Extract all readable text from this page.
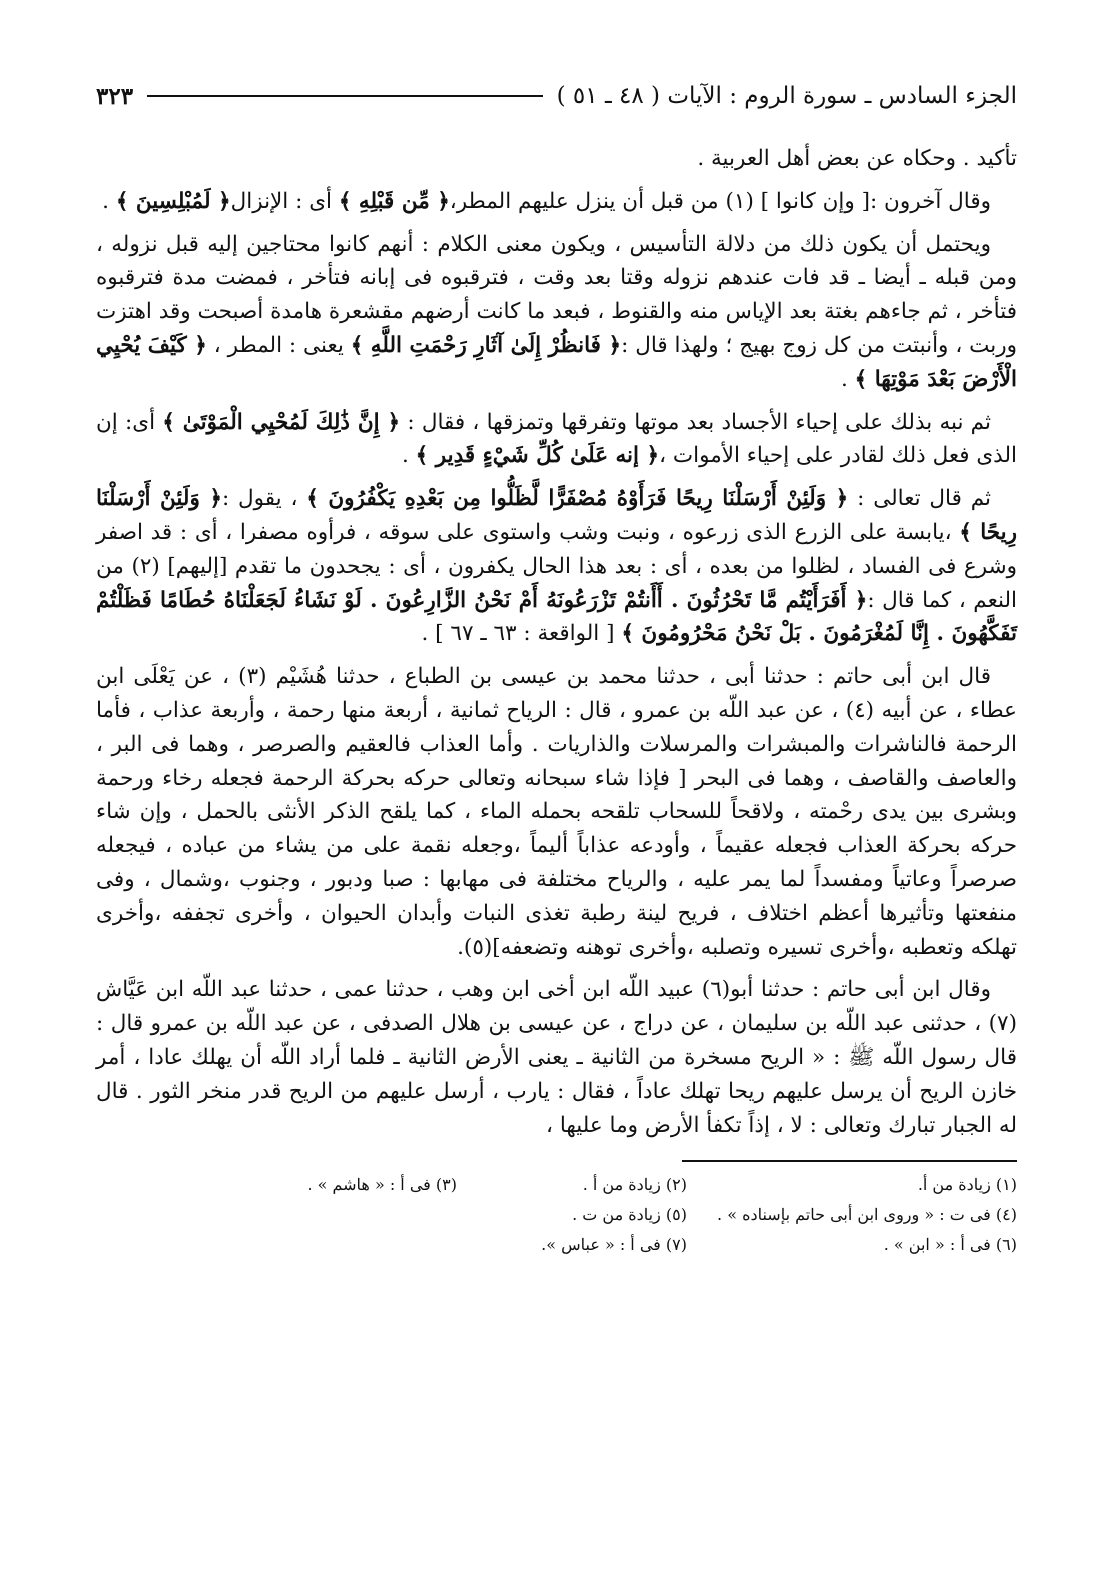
الجزء السادس ـ سورة الروم : الآيات ( ٤٨ ـ ٥١ )
٣٢٣

تأكيد . وحكاه عن بعض أهل العربية .

وقال آخرون :[ وإن كانوا ] (١) من قبل أن ينزل عليهم المطر،﴿ مِّن قَبْلِهِ ﴾ أى : الإنزال﴿ لَمُبْلِسِينَ ﴾ .

ويحتمل أن يكون ذلك من دلالة التأسيس ، ويكون معنى الكلام : أنهم كانوا محتاجين إليه قبل نزوله ، ومن قبله ـ أيضا ـ قد فات عندهم نزوله وقتا بعد وقت ، فترقبوه فى إبانه فتأخر ، فمضت مدة فترقبوه فتأخر ، ثم جاءهم بغتة بعد الإياس منه والقنوط ، فبعد ما كانت أرضهم مقشعرة هامدة أصبحت وقد اهتزت وربت ، وأنبتت من كل زوج بهيج ؛ ولهذا قال :﴿ فَانظُرْ إِلَىٰ آثَارِ رَحْمَتِ اللَّهِ ﴾ يعنى : المطر ، ﴿ كَيْفَ يُحْيِي الْأَرْضَ بَعْدَ مَوْتِهَا ﴾ .

ثم نبه بذلك على إحياء الأجساد بعد موتها وتفرقها وتمزقها ، فقال : ﴿ إِنَّ ذَٰلِكَ لَمُحْيِي الْمَوْتَىٰ ﴾ أى: إن الذى فعل ذلك لقادر على إحياء الأموات ،﴿ إنه عَلَىٰ كُلِّ شَيْءٍ قَدِير ﴾ .

ثم قال تعالى : ﴿ وَلَئِنْ أَرْسَلْنَا رِيحًا فَرَأَوْهُ مُصْفَرًّا لَّظَلُّوا مِن بَعْدِهِ يَكْفُرُونَ ﴾ ، يقول :﴿ وَلَئِنْ أَرْسَلْنَا رِيحًا ﴾ ،يابسة على الزرع الذى زرعوه ، ونبت وشب واستوى على سوقه ، فرأوه مصفرا ، أى : قد اصفر وشرع فى الفساد ، لظلوا من بعده ، أى : بعد هذا الحال يكفرون ، أى : يجحدون ما تقدم [إليهم] (٢) من النعم ، كما قال :﴿ أَفَرَأَيْتُم مَّا تَحْرُثُونَ . أَأَنتُمْ تَزْرَعُونَهُ أَمْ نَحْنُ الزَّارِعُونَ . لَوْ نَشَاءُ لَجَعَلْنَاهُ حُطَامًا فَظَلْتُمْ تَفَكَّهُونَ . إِنَّا لَمُغْرَمُونَ . بَلْ نَحْنُ مَحْرُومُونَ ﴾ [ الواقعة : ٦٣ ـ ٦٧ ] .

قال ابن أبى حاتم : حدثنا أبى ، حدثنا محمد بن عيسى بن الطباع ، حدثنا هُشَيْم (٣) ، عن يَعْلَى ابن عطاء ، عن أبيه (٤) ، عن عبد اللّه بن عمرو ، قال : الرياح ثمانية ، أربعة منها رحمة ، وأربعة عذاب ، فأما الرحمة فالناشرات والمبشرات والمرسلات والذاريات . وأما العذاب فالعقيم والصرصر ، وهما فى البر ، والعاصف والقاصف ، وهما فى البحر [ فإذا شاء سبحانه وتعالى حركه بحركة الرحمة فجعله رخاء ورحمة وبشرى بين يدى رحْمته ، ولاقحاً للسحاب تلقحه بحمله الماء ، كما يلقح الذكر الأنثى بالحمل ، وإن شاء حركه بحركة العذاب فجعله عقيماً ، وأودعه عذاباً أليماً ،وجعله نقمة على من يشاء من عباده ، فيجعله صرصراً وعاتياً ومفسداً لما يمر عليه ، والرياح مختلفة فى مهابها : صبا ودبور ، وجنوب ،وشمال ، وفى منفعتها وتأثيرها أعظم اختلاف ، فريح لينة رطبة تغذى النبات وأبدان الحيوان ، وأخرى تجففه ،وأخرى تهلكه وتعطبه ،وأخرى تسيره وتصلبه ،وأخرى توهنه وتضعفه](٥).

وقال ابن أبى حاتم : حدثنا أبو(٦) عبيد اللّه ابن أخى ابن وهب ، حدثنا عمى ، حدثنا عبد اللّه ابن عَيَّاش (٧) ، حدثنى عبد اللّه بن سليمان ، عن دراج ، عن عيسى بن هلال الصدفى ، عن عبد اللّه بن عمرو قال : قال رسول اللّه ﷺ : « الريح مسخرة من الثانية ـ يعنى الأرض الثانية ـ فلما أراد اللّه أن يهلك عادا ، أمر خازن الريح أن يرسل عليهم ريحا تهلك عاداً ، فقال : يارب ، أرسل عليهم من الريح قدر منخر الثور . قال له الجبار تبارك وتعالى : لا ، إذاً تكفأ الأرض وما عليها ،

(١) زيادة من أ.
(٢) زيادة من أ .
(٣) فى أ : « هاشم » .
(٤) فى ت : « وروى ابن أبى حاتم بإسناده » .
(٥) زيادة من ت .
(٦) فى أ : « ابن » .
(٧) فى أ : « عباس ».
